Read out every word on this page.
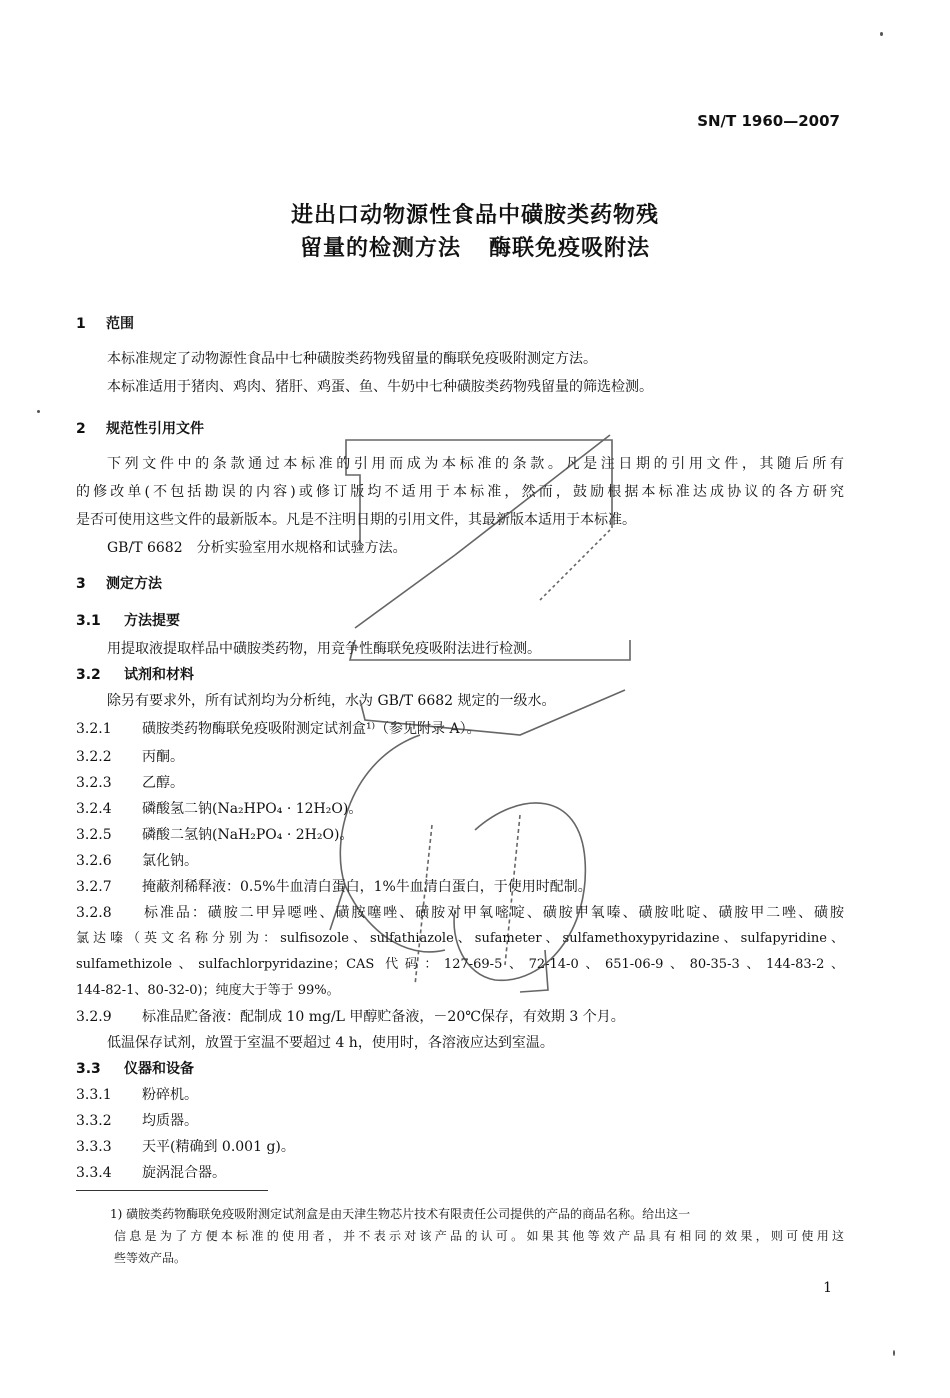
SN/T 1960—2007
进出口动物源性食品中磺胺类药物残
留量的检测方法 酶联免疫吸附法
1 范围
本标准规定了动物源性食品中七种磺胺类药物残留量的酶联免疫吸附测定方法。
本标准适用于猪肉、鸡肉、猪肝、鸡蛋、鱼、牛奶中七种磺胺类药物残留量的筛选检测。
2 规范性引用文件
下列文件中的条款通过本标准的引用而成为本标准的条款。凡是注日期的引用文件，其随后所有
的修改单(不包括勘误的内容)或修订版均不适用于本标准，然而，鼓励根据本标准达成协议的各方研究
是否可使用这些文件的最新版本。凡是不注明日期的引用文件，其最新版本适用于本标准。
GB/T 6682　分析实验室用水规格和试验方法。
3 测定方法
3.1 方法提要
用提取液提取样品中磺胺类药物，用竞争性酶联免疫吸附法进行检测。
3.2 试剂和材料
除另有要求外，所有试剂均为分析纯，水为 GB/T 6682 规定的一级水。
3.2.1 磺胺类药物酶联免疫吸附测定试剂盒¹⁾（参见附录 A）。
3.2.2 丙酮。
3.2.3 乙醇。
3.2.4 磷酸氢二钠(Na₂HPO₄ · 12H₂O)。
3.2.5 磷酸二氢钠(NaH₂PO₄ · 2H₂O)。
3.2.6 氯化钠。
3.2.7 掩蔽剂稀释液：0.5%牛血清白蛋白，1%牛血清白蛋白，于使用时配制。
3.2.8 标准品：磺胺二甲异噁唑、磺胺噻唑、磺胺对甲氧嘧啶、磺胺甲氧嗪、磺胺吡啶、磺胺甲二唑、磺胺
氯达嗪（英文名称分别为：sulfisozole、sulfathiazole、sufameter、sulfamethoxypyridazine、sulfapyridine、
sulfamethizole、sulfachlorpyridazine；CAS 代码：127-69-5、72-14-0、651-06-9、80-35-3、144-83-2、
144-82-1、80-32-0)；纯度大于等于 99%。
3.2.9 标准品贮备液：配制成 10 mg/L 甲醇贮备液，－20℃保存，有效期 3 个月。
低温保存试剂，放置于室温不要超过 4 h，使用时，各溶液应达到室温。
3.3 仪器和设备
3.3.1 粉碎机。
3.3.2 均质器。
3.3.3 天平(精确到 0.001 g)。
3.3.4 旋涡混合器。
1) 磺胺类药物酶联免疫吸附测定试剂盒是由天津生物芯片技术有限责任公司提供的产品的商品名称。给出这一
信息是为了方便本标准的使用者，并不表示对该产品的认可。如果其他等效产品具有相同的效果，则可使用这
些等效产品。
1
